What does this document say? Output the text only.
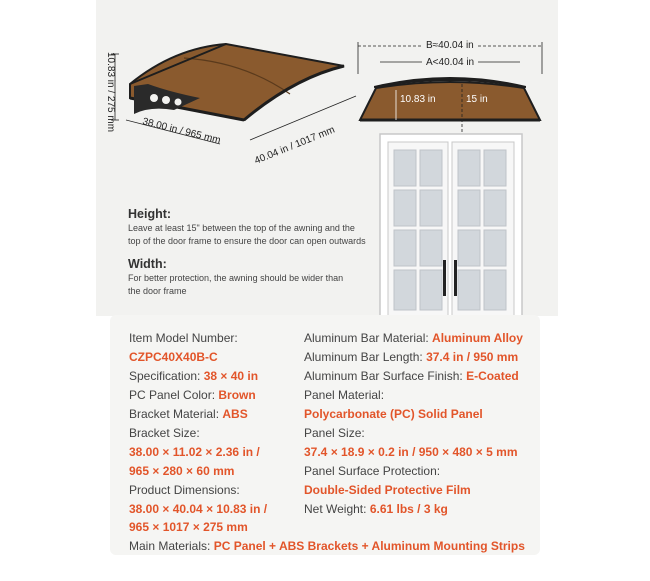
10.83 in / 275 mm	38.00 in / 965 mm	40.04 in / 1017 mm
B≈40.04 in
A<40.04 in
10.83 in	15 in
Height:
Leave at least 15" between the top of the awning and the
top of the door frame to ensure the door can open outwards
Width:
For better protection, the awning should be wider than
the door frame
Item Model Number:
CZPC40X40B-C
Specification: 38 × 40 in
PC Panel Color: Brown
Bracket Material: ABS
Bracket Size:
38.00 × 11.02 × 2.36 in /
965 × 280 × 60 mm
Product Dimensions:
38.00 × 40.04 × 10.83 in /
965 × 1017 × 275 mm
Aluminum Bar Material: Aluminum Alloy
Aluminum Bar Length: 37.4 in / 950 mm
Aluminum Bar Surface Finish: E-Coated
Panel Material:
Polycarbonate (PC) Solid Panel
Panel Size:
37.4 × 18.9 × 0.2 in / 950 × 480 × 5 mm
Panel Surface Protection:
Double-Sided Protective Film
Net Weight: 6.61 lbs / 3 kg
Main Materials: PC Panel + ABS Brackets + Aluminum Mounting Strips
